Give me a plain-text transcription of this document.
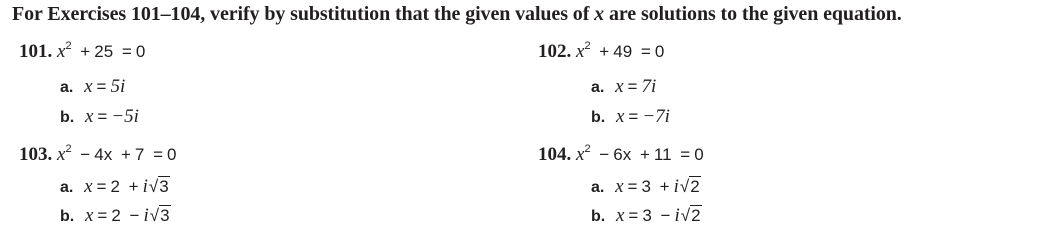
For Exercises 101–104, verify by substitution that the given values of x are solutions to the given equation.
101. $x^2 + 25 = 0$
a. x = 5i
b. x = −5i
102. $x^2 + 49 = 0$
a. x = 7i
b. x = −7i
103. $x^2 - 4x + 7 = 0$
a. x = 2 + i√3
b. x = 2 − i√3
104. $x^2 - 6x + 11 = 0$
a. x = 3 + i√2
b. x = 3 − i√2
